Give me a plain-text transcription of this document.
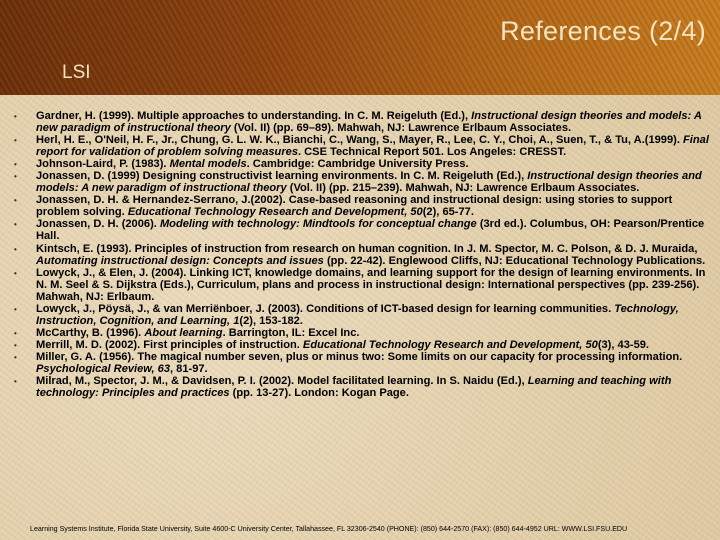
References (2/4)
LSI
• Gardner, H. (1999). Multiple approaches to understanding. In C. M. Reigeluth (Ed.), Instructional design theories and models: A new paradigm of instructional theory (Vol. II) (pp. 69–89). Mahwah, NJ: Lawrence Erlbaum Associates.
• Herl, H. E., O'Neil, H. F., Jr., Chung, G. L. W. K., Bianchi, C., Wang, S., Mayer, R., Lee, C. Y., Choi, A., Suen, T., & Tu, A.(1999). Final report for validation of problem solving measures. CSE Technical Report 501. Los Angeles: CRESST.
• Johnson-Laird, P. (1983). Mental models. Cambridge: Cambridge University Press.
• Jonassen, D. (1999) Designing constructivist learning environments. In C. M. Reigeluth (Ed.), Instructional design theories and models: A new paradigm of instructional theory (Vol. II) (pp. 215–239). Mahwah, NJ: Lawrence Erlbaum Associates.
• Jonassen, D. H. & Hernandez-Serrano, J.(2002). Case-based reasoning and instructional design: using stories to support problem solving. Educational Technology Research and Development, 50(2), 65-77.
• Jonassen, D. H. (2006). Modeling with technology: Mindtools for conceptual change (3rd ed.). Columbus, OH: Pearson/Prentice Hall.
• Kintsch, E. (1993). Principles of instruction from research on human cognition. In J. M. Spector, M. C. Polson, & D. J. Muraida, Automating instructional design: Concepts and issues (pp. 22-42). Englewood Cliffs, NJ: Educational Technology Publications.
• Lowyck, J., & Elen, J. (2004). Linking ICT, knowledge domains, and learning support for the design of learning environments. In N. M. Seel & S. Dijkstra (Eds.), Curriculum, plans and process in instructional design: International perspectives (pp. 239-256). Mahwah, NJ: Erlbaum.
• Lowyck, J., Pöysä, J., & van Merriënboer, J. (2003). Conditions of ICT-based design for learning communities. Technology, Instruction, Cognition, and Learning, 1(2), 153-182.
• McCarthy, B. (1996). About learning. Barrington, IL: Excel Inc.
• Merrill, M. D. (2002). First principles of instruction. Educational Technology Research and Development, 50(3), 43-59.
• Miller, G. A. (1956). The magical number seven, plus or minus two: Some limits on our capacity for processing information. Psychological Review, 63, 81-97.
• Milrad, M., Spector, J. M., & Davidsen, P. I. (2002). Model facilitated learning. In S. Naidu (Ed.), Learning and teaching with technology: Principles and practices (pp. 13-27). London: Kogan Page.
Learning Systems Institute, Florida State University, Suite 4600-C University Center, Tallahassee, FL 32306-2540 (PHONE): (850) 644-2570 (FAX): (850) 644-4952 URL: WWW.LSI.FSU.EDU
